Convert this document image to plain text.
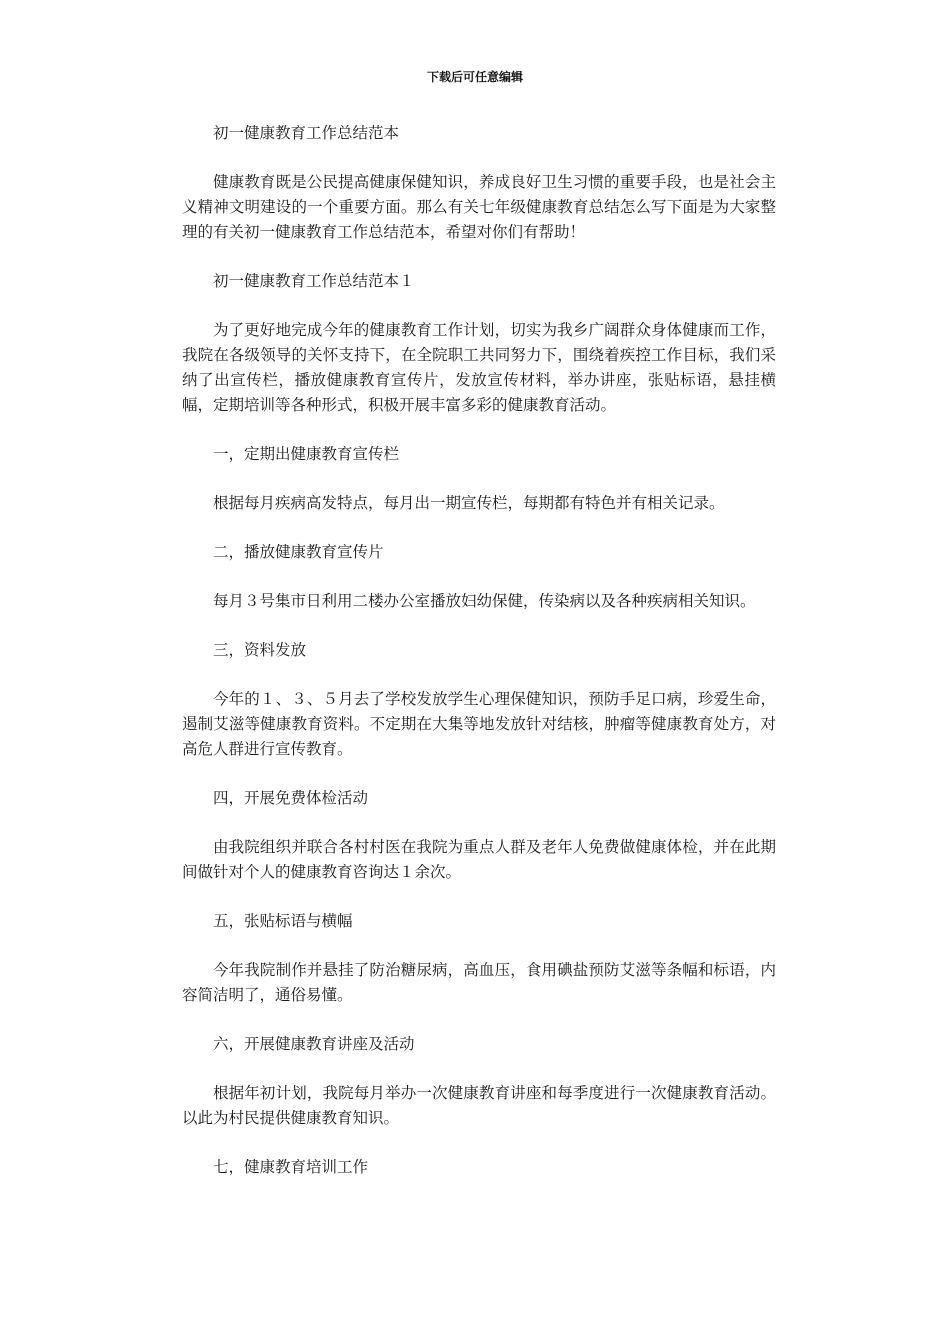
下载后可任意编辑

初一健康教育工作总结范本

健康教育既是公民提高健康保健知识，养成良好卫生习惯的重要手段，也是社会主义精神文明建设的一个重要方面。那么有关七年级健康教育总结怎么写下面是为大家整理的有关初一健康教育工作总结范本，希望对你们有帮助！

初一健康教育工作总结范本１

为了更好地完成今年的健康教育工作计划，切实为我乡广阔群众身体健康而工作，我院在各级领导的关怀支持下，在全院职工共同努力下，围绕着疾控工作目标，我们采纳了出宣传栏，播放健康教育宣传片，发放宣传材料，举办讲座，张贴标语，悬挂横幅，定期培训等各种形式，积极开展丰富多彩的健康教育活动。

一，定期出健康教育宣传栏

根据每月疾病高发特点，每月出一期宣传栏，每期都有特色并有相关记录。

二，播放健康教育宣传片

每月３号集市日利用二楼办公室播放妇幼保健，传染病以及各种疾病相关知识。

三，资料发放

今年的１、３、５月去了学校发放学生心理保健知识，预防手足口病，珍爱生命，遏制艾滋等健康教育资料。不定期在大集等地发放针对结核，肿瘤等健康教育处方，对高危人群进行宣传教育。

四，开展免费体检活动

由我院组织并联合各村村医在我院为重点人群及老年人免费做健康体检，并在此期间做针对个人的健康教育咨询达１余次。

五，张贴标语与横幅

今年我院制作并悬挂了防治糖尿病，高血压，食用碘盐预防艾滋等条幅和标语，内容简洁明了，通俗易懂。

六，开展健康教育讲座及活动

根据年初计划，我院每月举办一次健康教育讲座和每季度进行一次健康教育活动。以此为村民提供健康教育知识。

七，健康教育培训工作
